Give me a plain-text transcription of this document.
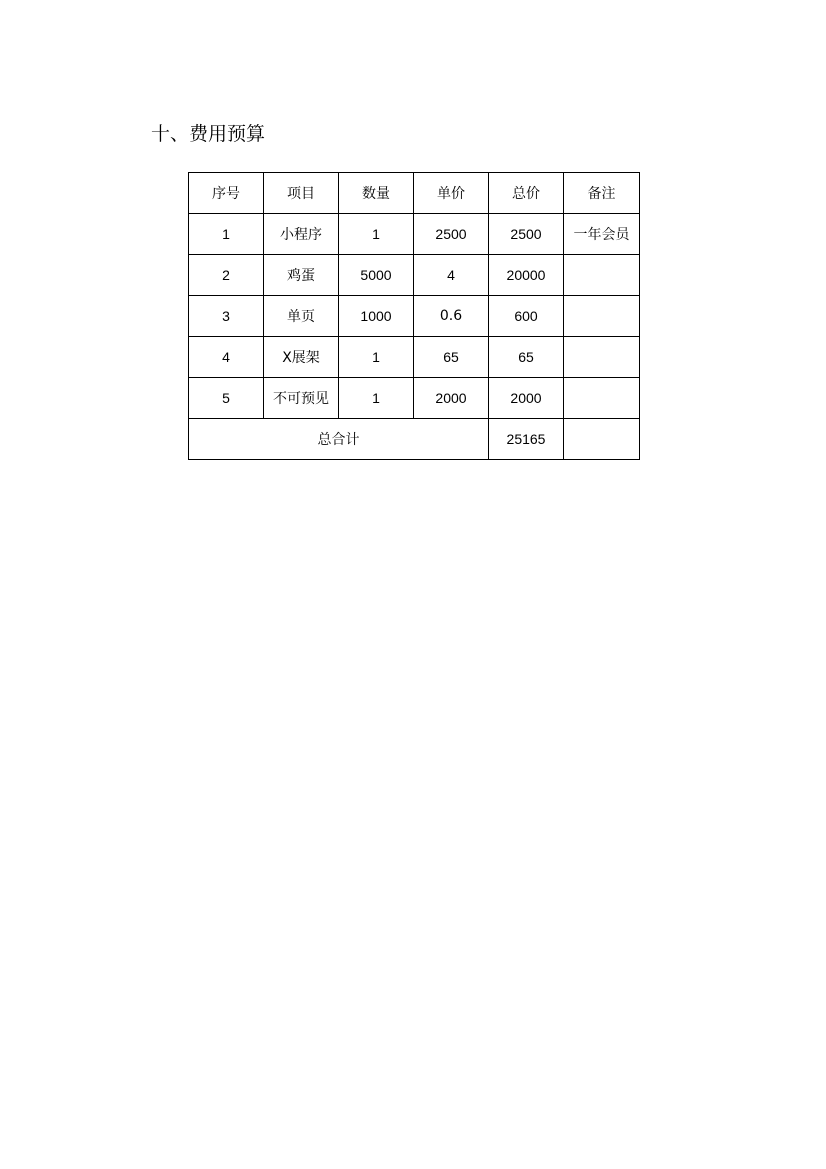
十、费用预算
序号	项目	数量	单价	总价	备注
1	小程序	1	2500	2500	一年会员
2	鸡蛋	5000	4	20000	
3	单页	1000	0.6	600	
4	X展架	1	65	65	
5	不可预见	1	2000	2000	
总合计				25165	
